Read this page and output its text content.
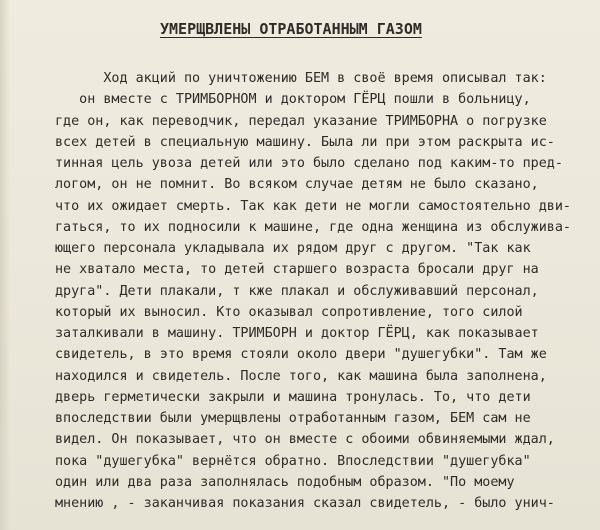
УМЕРЩВЛЕНЫ ОТРАБОТАННЫМ ГАЗОМ
Ход акций по уничтожению БЕМ в своё время описывал так:
он вместе с ТРИМБОРНОМ и доктором ГЁРЦ пошли в больницу,
где он, как переводчик, передал указание ТРИМБОРНА о погрузке
всех детей в специальную машину. Была ли при этом раскрыта ис-
тинная цель увоза детей или это было сделано под каким-то пред-
логом, он не помнит. Во всяком случае детям не было сказано,
что их ожидает смерть. Так как дети не могли самостоятельно дви-
гаться, то их подносили к машине, где одна женщина из обслужива-
ющего персонала укладывала их рядом друг с другом. "Так как
не хватало места, то детей старшего возраста бросали друг на
друга". Дети плакали, т кже плакал и обслуживавший персонал,
который их выносил. Кто оказывал сопротивление, того силой
заталкивали в машину. ТРИМБОРН и доктор ГЁРЦ, как показывает
свидетель, в это время стояли около двери "душегубки". Там же
находился и свидетель. После того, как машина была заполнена,
дверь герметически закрыли и машина тронулась. То, что дети
впоследствии были умерщвлены отработанным газом, БЕМ сам не
видел. Он показывает, что он вместе с обоими обвиняемыми ждал,
пока "душегубка" вернётся обратно. Впоследствии "душегубка"
один или два раза заполнялась подобным образом. "По моему
мнению , - заканчивая показания сказал свидетель, - было унич-
